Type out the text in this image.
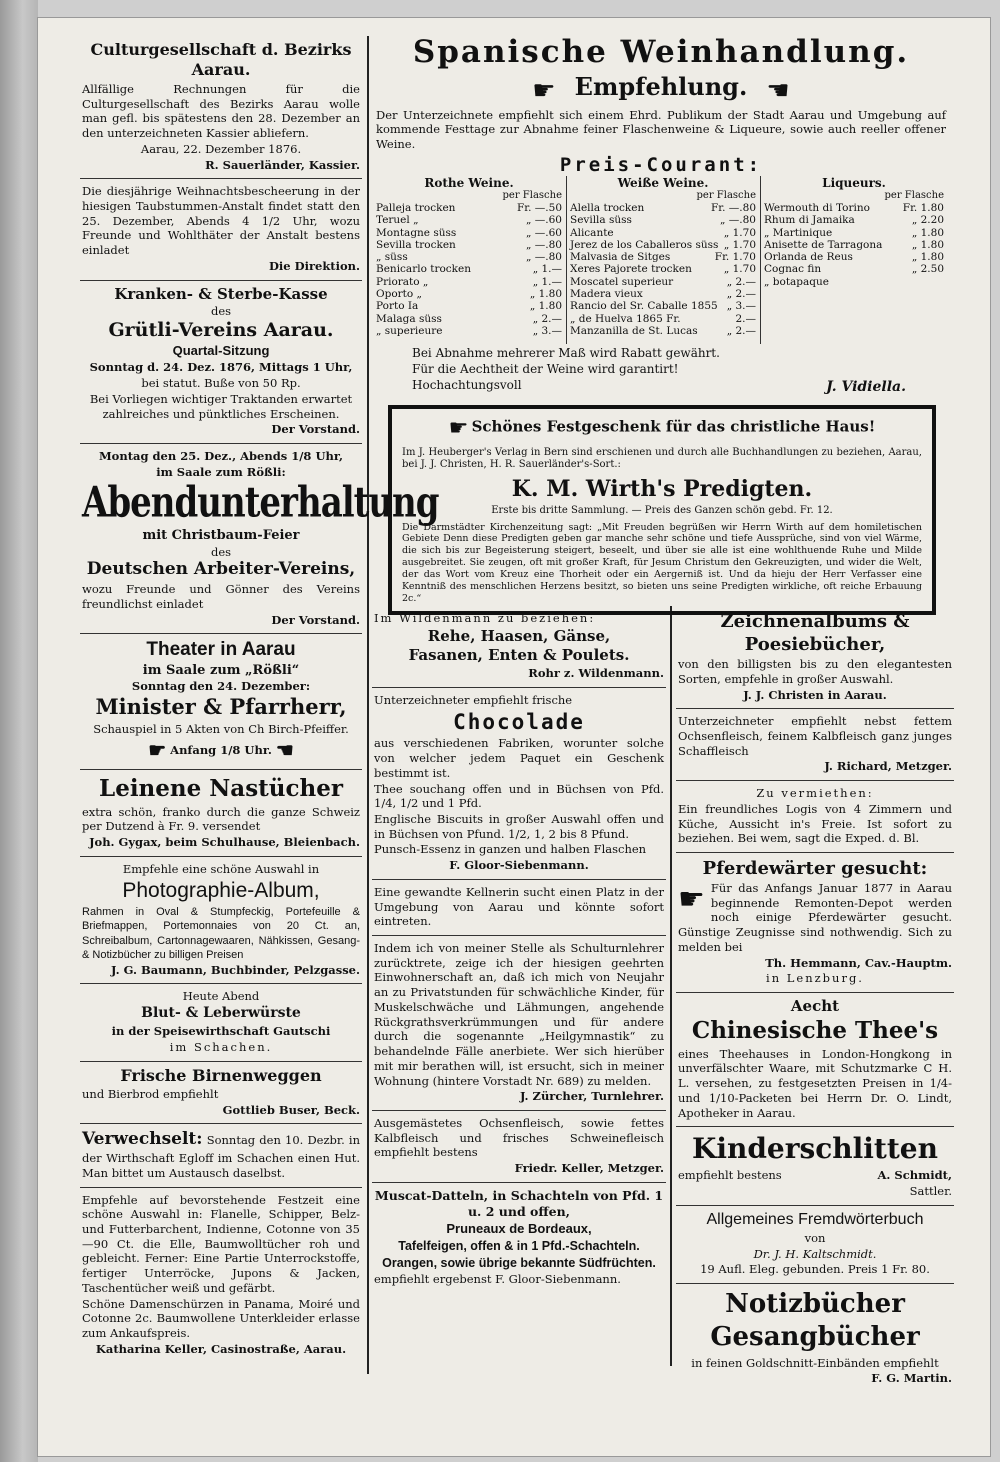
Culturgesellschaft d. Bezirks Aarau.

Allfällige Rechnungen für die Culturgesellschaft des Bezirks Aarau wolle man gefl. bis spätestens den 28. Dezember an den unterzeichneten Kassier abliefern.

Aarau, 22. Dezember 1876.

R. Sauerländer, Kassier.

Die diesjährige Weihnachtsbescheerung in der hiesigen Taubstummen-Anstalt findet statt den 25. Dezember, Abends 4 1/2 Uhr, wozu Freunde und Wohlthäter der Anstalt bestens einladet

Die Direktion.

Kranken- & Sterbe-Kasse
des
Grütli-Vereins Aarau.
Quartal-Sitzung

Sonntag d. 24. Dez. 1876, Mittags 1 Uhr,

bei statut. Buße von 50 Rp.

Bei Vorliegen wichtiger Traktanden erwartet zahlreiches und pünktliches Erscheinen.

Der Vorstand.

Montag den 25. Dez., Abends 1/8 Uhr,

im Saale zum Rößli:

Abendunterhaltung
mit Christbaum-Feier
des
Deutschen Arbeiter-Vereins,

wozu Freunde und Gönner des Vereins freundlichst einladet

Der Vorstand.

Theater in Aarau
im Saale zum „Rößli“
Sonntag den 24. Dezember:
Minister & Pfarrherr,

Schauspiel in 5 Akten von Ch Birch-Pfeiffer.

☛ Anfang 1/8 Uhr. ☚

Leinene Nastücher

extra schön, franko durch die ganze Schweiz per Dutzend à Fr. 9. versendet

Joh. Gygax, beim Schulhause, Bleienbach.

Empfehle eine schöne Auswahl in

Photographie-Album,

Rahmen in Oval & Stumpfeckig, Portefeuille & Briefmappen, Portemonnaies von 20 Ct. an, Schreibalbum, Cartonnagewaaren, Nähkissen, Gesang- & Notizbücher zu billigen Preisen

J. G. Baumann, Buchbinder, Pelzgasse.

Heute Abend

Blut- & Leberwürste

in der Speisewirthschaft Gautschi

im Schachen.

Frische Birnenweggen

und Bierbrod empfiehlt

Gottlieb Buser, Beck.

Verwechselt: Sonntag den 10. Dezbr. in der Wirthschaft Egloff im Schachen einen Hut. Man bittet um Austausch daselbst.

Empfehle auf bevorstehende Festzeit eine schöne Auswahl in: Flanelle, Schipper, Belz- und Futterbarchent, Indienne, Cotonne von 35—90 Ct. die Elle, Baumwolltücher roh und gebleicht. Ferner: Eine Partie Unterrockstoffe, fertiger Unterröcke, Jupons & Jacken, Taschentücher weiß und gefärbt.

Schöne Damenschürzen in Panama, Moiré und Cotonne 2c. Baumwollene Unterkleider erlasse zum Ankaufspreis.

Katharina Keller, Casinostraße, Aarau.

Spanische Weinhandlung.
☛ Empfehlung. ☚

Der Unterzeichnete empfiehlt sich einem Ehrd. Publikum der Stadt Aarau und Umgebung auf kommende Festtage zur Abnahme feiner Flaschenweine & Liqueure, sowie auch reeller offener Weine.

Preis-Courant:
Rothe Weine.
per Flasche
Palleja trocken	Fr. —.50
Teruel „	„ —.60
Montagne süss	„ —.60
Sevilla trocken	„ —.80
„ süss	„ —.80
Benicarlo trocken	„ 1.—
Priorato „	„ 1.—
Oporto „	„ 1.80
Porto Ia	„ 1.80
Malaga süss	„ 2.—
„ superieure	„ 3.—
Weiße Weine.
per Flasche
Alella trocken	Fr. —.80
Sevilla süss	„ —.80
Alicante	„ 1.70
Jerez de los Caballeros süss „ 1.70
Malvasia de Sitges	Fr. 1.70
Xeres Pajorete trocken	„ 1.70
Moscatel superieur	„ 2.—
Madera vieux	„ 2.—
Rancio del Sr. Caballe 1855 „ 3.—
„ de Huelva 1865 Fr.	2.—
Manzanilla de St. Lucas	„ 2.—
Liqueurs.
per Flasche
Wermouth di Torino	Fr. 1.80
Rhum di Jamaika	„ 2.20
„ Martinique	„ 1.80
Anisette de Tarragona	„ 1.80
Orlanda de Reus	„ 1.80
Cognac fin	„ 2.50
„ botapaque
Bei Abnahme mehrerer Maß wird Rabatt gewährt.
Für die Aechtheit der Weine wird garantirt!
Hochachtungsvoll	J. Vidiella.
☛ Schönes Festgeschenk für das christliche Haus!

Im J. Heuberger's Verlag in Bern sind erschienen und durch alle Buchhandlungen zu beziehen, Aarau, bei J. J. Christen, H. R. Sauerländer's-Sort.:

K. M. Wirth's Predigten.

Erste bis dritte Sammlung. — Preis des Ganzen schön gebd. Fr. 12.

Die Darmstädter Kirchenzeitung sagt: „Mit Freuden begrüßen wir Herrn Wirth auf dem homiletischen Gebiete Denn diese Predigten geben gar manche sehr schöne und tiefe Aussprüche, sind von viel Wärme, die sich bis zur Begeisterung steigert, beseelt, und über sie alle ist eine wohlthuende Ruhe und Milde ausgebreitet. Sie zeugen, oft mit großer Kraft, für Jesum Christum den Gekreuzigten, und wider die Welt, der das Wort vom Kreuz eine Thorheit oder ein Aergerniß ist. Und da hieju der Herr Verfasser eine Kenntniß des menschlichen Herzens besitzt, so bieten uns seine Predigten wirkliche, oft reiche Erbauung 2c.“

Im Wildenmann zu beziehen:

Rehe, Haasen, Gänse,
Fasanen, Enten & Poulets.

Rohr z. Wildenmann.

Unterzeichneter empfiehlt frische

Chocolade

aus verschiedenen Fabriken, worunter solche von welcher jedem Paquet ein Geschenk bestimmt ist.

Thee souchang offen und in Büchsen von Pfd. 1/4, 1/2 und 1 Pfd.

Englische Biscuits in großer Auswahl offen und in Büchsen von Pfund. 1/2, 1, 2 bis 8 Pfund.

Punsch-Essenz in ganzen und halben Flaschen

F. Gloor-Siebenmann.

Eine gewandte Kellnerin sucht einen Platz in der Umgebung von Aarau und könnte sofort eintreten.

Indem ich von meiner Stelle als Schulturnlehrer zurücktrete, zeige ich der hiesigen geehrten Einwohnerschaft an, daß ich mich von Neujahr an zu Privatstunden für schwächliche Kinder, für Muskelschwäche und Lähmungen, angehende Rückgrathsverkrümmungen und für andere durch die sogenannte „Heilgymnastik“ zu behandelnde Fälle anerbiete. Wer sich hierüber mit mir berathen will, ist ersucht, sich in meiner Wohnung (hintere Vorstadt Nr. 689) zu melden.

J. Zürcher, Turnlehrer.

Ausgemästetes Ochsenfleisch, sowie fettes Kalbfleisch und frisches Schweinefleisch empfiehlt bestens

Friedr. Keller, Metzger.

Muscat-Datteln, in Schachteln von Pfd. 1 u. 2 und offen,

Pruneaux de Bordeaux,

Tafelfeigen, offen & in 1 Pfd.-Schachteln.

Orangen, sowie übrige bekannte Südfrüchten.

empfiehlt ergebenst F. Gloor-Siebenmann.

Zeichnenalbums & Poesiebücher,

von den billigsten bis zu den elegantesten Sorten, empfehle in großer Auswahl.

J. J. Christen in Aarau.

Unterzeichneter empfiehlt nebst fettem Ochsenfleisch, feinem Kalbfleisch ganz junges Schaffleisch

J. Richard, Metzger.

Zu vermiethen:

Ein freundliches Logis von 4 Zimmern und Küche, Aussicht in's Freie. Ist sofort zu beziehen. Bei wem, sagt die Exped. d. Bl.

Pferdewärter gesucht:

☛ Für das Anfangs Januar 1877 in Aarau beginnende Remonten-Depot werden noch einige Pferdewärter gesucht. Günstige Zeugnisse sind nothwendig. Sich zu melden bei

Th. Hemmann, Cav.-Hauptm.

in Lenzburg.

Aecht
Chinesische Thee's

eines Theehauses in London-Hongkong in unverfälschter Waare, mit Schutzmarke C H. L. versehen, zu festgesetzten Preisen in 1/4- und 1/10-Packeten bei Herrn Dr. O. Lindt, Apotheker in Aarau.

Kinderschlitten

empfiehlt bestens	A. Schmidt,

Sattler.

Allgemeines Fremdwörterbuch

von

Dr. J. H. Kaltschmidt.

19 Aufl. Eleg. gebunden. Preis 1 Fr. 80.

Notizbücher
Gesangbücher

in feinen Goldschnitt-Einbänden empfiehlt

F. G. Martin.
